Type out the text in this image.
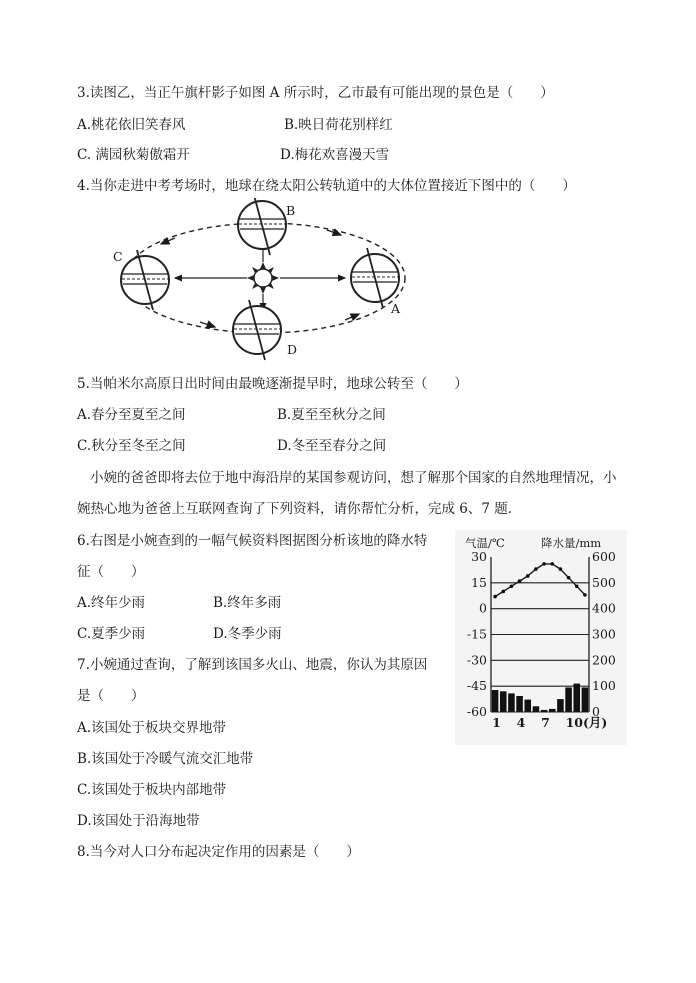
3.读图乙，当正午旗杆影子如图 A 所示时，乙市最有可能出现的景色是（　　）
A.桃花依旧笑春风	B.映日荷花别样红
C. 满园秋菊傲霜开	D.梅花欢喜漫天雪
4.当你走进中考考场时，地球在绕太阳公转轨道中的大体位置接近下图中的（　　）
B
C
A
D
5.当帕米尔高原日出时间由最晚逐渐提早时，地球公转至（　　）
A.春分至夏至之间	B.夏至至秋分之间
C.秋分至冬至之间	D.冬至至春分之间
小婉的爸爸即将去位于地中海沿岸的某国参观访问，想了解那个国家的自然地理情况，小
婉热心地为爸爸上互联网查询了下列资料，请你帮忙分析，完成 6、7 题.
6.右图是小婉查到的一幅气候资料图据图分析该地的降水特
征（　　）
A.终年少雨	B.终年多雨
C.夏季少雨	D.冬季少雨
7.小婉通过查询，了解到该国多火山、地震，你认为其原因
是（　　）
A.该国处于板块交界地带
B.该国处于冷暖气流交汇地带
C.该国处于板块内部地带
D.该国处于沿海地带
8.当今对人口分布起决定作用的因素是（　　）
气温/℃	降水量/mm
30
15
0
-15
-30
-45
-60
600
500
400
300
200
100
0
1 4 7 10(月)
